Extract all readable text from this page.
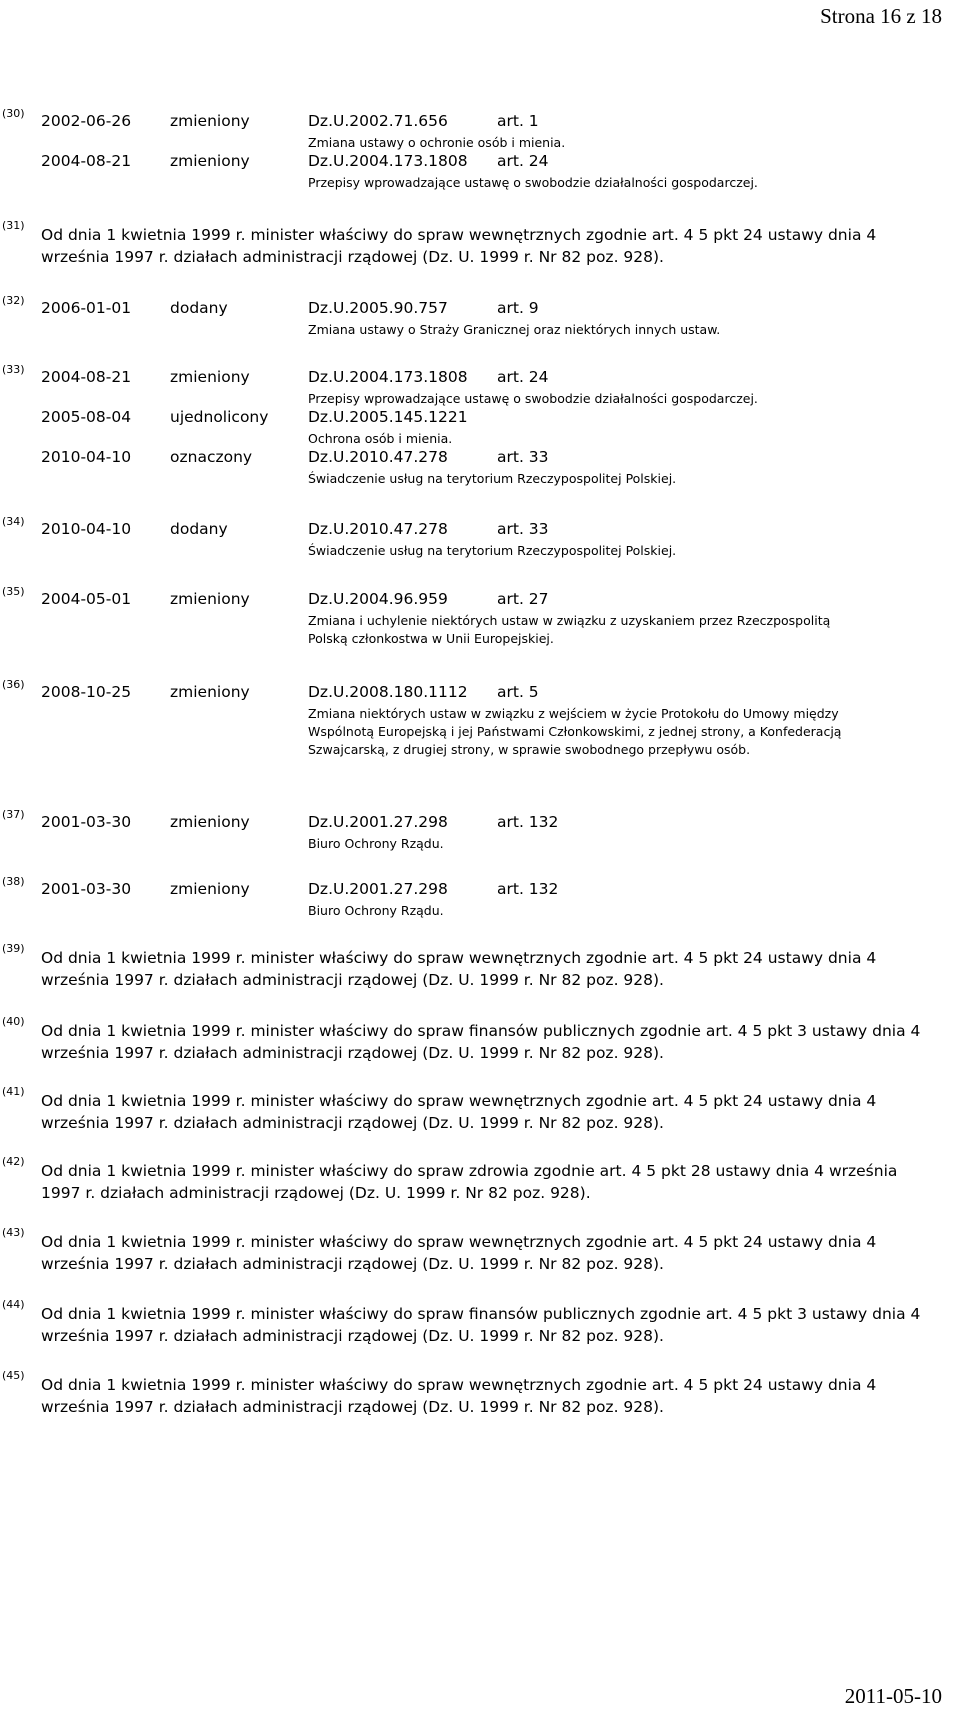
Strona 16 z 18
(30) 2002-06-26	zmieniony	Dz.U.2002.71.656	art. 1
Zmiana ustawy o ochronie osób i mienia.
2004-08-21	zmieniony	Dz.U.2004.173.1808 art. 24
Przepisy wprowadzające ustawę o swobodzie działalności gospodarczej.
(31)
Od dnia 1 kwietnia 1999 r. minister właściwy do spraw wewnętrznych zgodnie art. 4 5 pkt 24 ustawy dnia 4 września 1997 r. działach administracji rządowej (Dz. U. 1999 r. Nr 82 poz. 928).
(32) 2006-01-01	dodany	Dz.U.2005.90.757	art. 9
Zmiana ustawy o Straży Granicznej oraz niektórych innych ustaw.
(33) 2004-08-21	zmieniony	Dz.U.2004.173.1808 art. 24
Przepisy wprowadzające ustawę o swobodzie działalności gospodarczej.
2005-08-04	ujednolicony	Dz.U.2005.145.1221
Ochrona osób i mienia.
2010-04-10	oznaczony	Dz.U.2010.47.278	art. 33
Świadczenie usług na terytorium Rzeczypospolitej Polskiej.
(34) 2010-04-10	dodany	Dz.U.2010.47.278	art. 33
Świadczenie usług na terytorium Rzeczypospolitej Polskiej.
(35) 2004-05-01	zmieniony	Dz.U.2004.96.959	art. 27
Zmiana i uchylenie niektórych ustaw w związku z uzyskaniem przez Rzeczpospolitą Polską członkostwa w Unii Europejskiej.
(36) 2008-10-25	zmieniony	Dz.U.2008.180.1112 art. 5
Zmiana niektórych ustaw w związku z wejściem w życie Protokołu do Umowy między Wspólnotą Europejską i jej Państwami Członkowskimi, z jednej strony, a Konfederacją Szwajcarską, z drugiej strony, w sprawie swobodnego przepływu osób.
(37) 2001-03-30	zmieniony	Dz.U.2001.27.298	art. 132
Biuro Ochrony Rządu.
(38) 2001-03-30	zmieniony	Dz.U.2001.27.298	art. 132
Biuro Ochrony Rządu.
(39)
Od dnia 1 kwietnia 1999 r. minister właściwy do spraw wewnętrznych zgodnie art. 4 5 pkt 24 ustawy dnia 4 września 1997 r. działach administracji rządowej (Dz. U. 1999 r. Nr 82 poz. 928).
(40)
Od dnia 1 kwietnia 1999 r. minister właściwy do spraw finansów publicznych zgodnie art. 4 5 pkt 3 ustawy dnia 4 września 1997 r. działach administracji rządowej (Dz. U. 1999 r. Nr 82 poz. 928).
(41)
Od dnia 1 kwietnia 1999 r. minister właściwy do spraw wewnętrznych zgodnie art. 4 5 pkt 24 ustawy dnia 4 września 1997 r. działach administracji rządowej (Dz. U. 1999 r. Nr 82 poz. 928).
(42)
Od dnia 1 kwietnia 1999 r. minister właściwy do spraw zdrowia zgodnie art. 4 5 pkt 28 ustawy dnia 4 września 1997 r. działach administracji rządowej (Dz. U. 1999 r. Nr 82 poz. 928).
(43)
Od dnia 1 kwietnia 1999 r. minister właściwy do spraw wewnętrznych zgodnie art. 4 5 pkt 24 ustawy dnia 4 września 1997 r. działach administracji rządowej (Dz. U. 1999 r. Nr 82 poz. 928).
(44)
Od dnia 1 kwietnia 1999 r. minister właściwy do spraw finansów publicznych zgodnie art. 4 5 pkt 3 ustawy dnia 4 września 1997 r. działach administracji rządowej (Dz. U. 1999 r. Nr 82 poz. 928).
(45)
Od dnia 1 kwietnia 1999 r. minister właściwy do spraw wewnętrznych zgodnie art. 4 5 pkt 24 ustawy dnia 4 września 1997 r. działach administracji rządowej (Dz. U. 1999 r. Nr 82 poz. 928).
2011-05-10
